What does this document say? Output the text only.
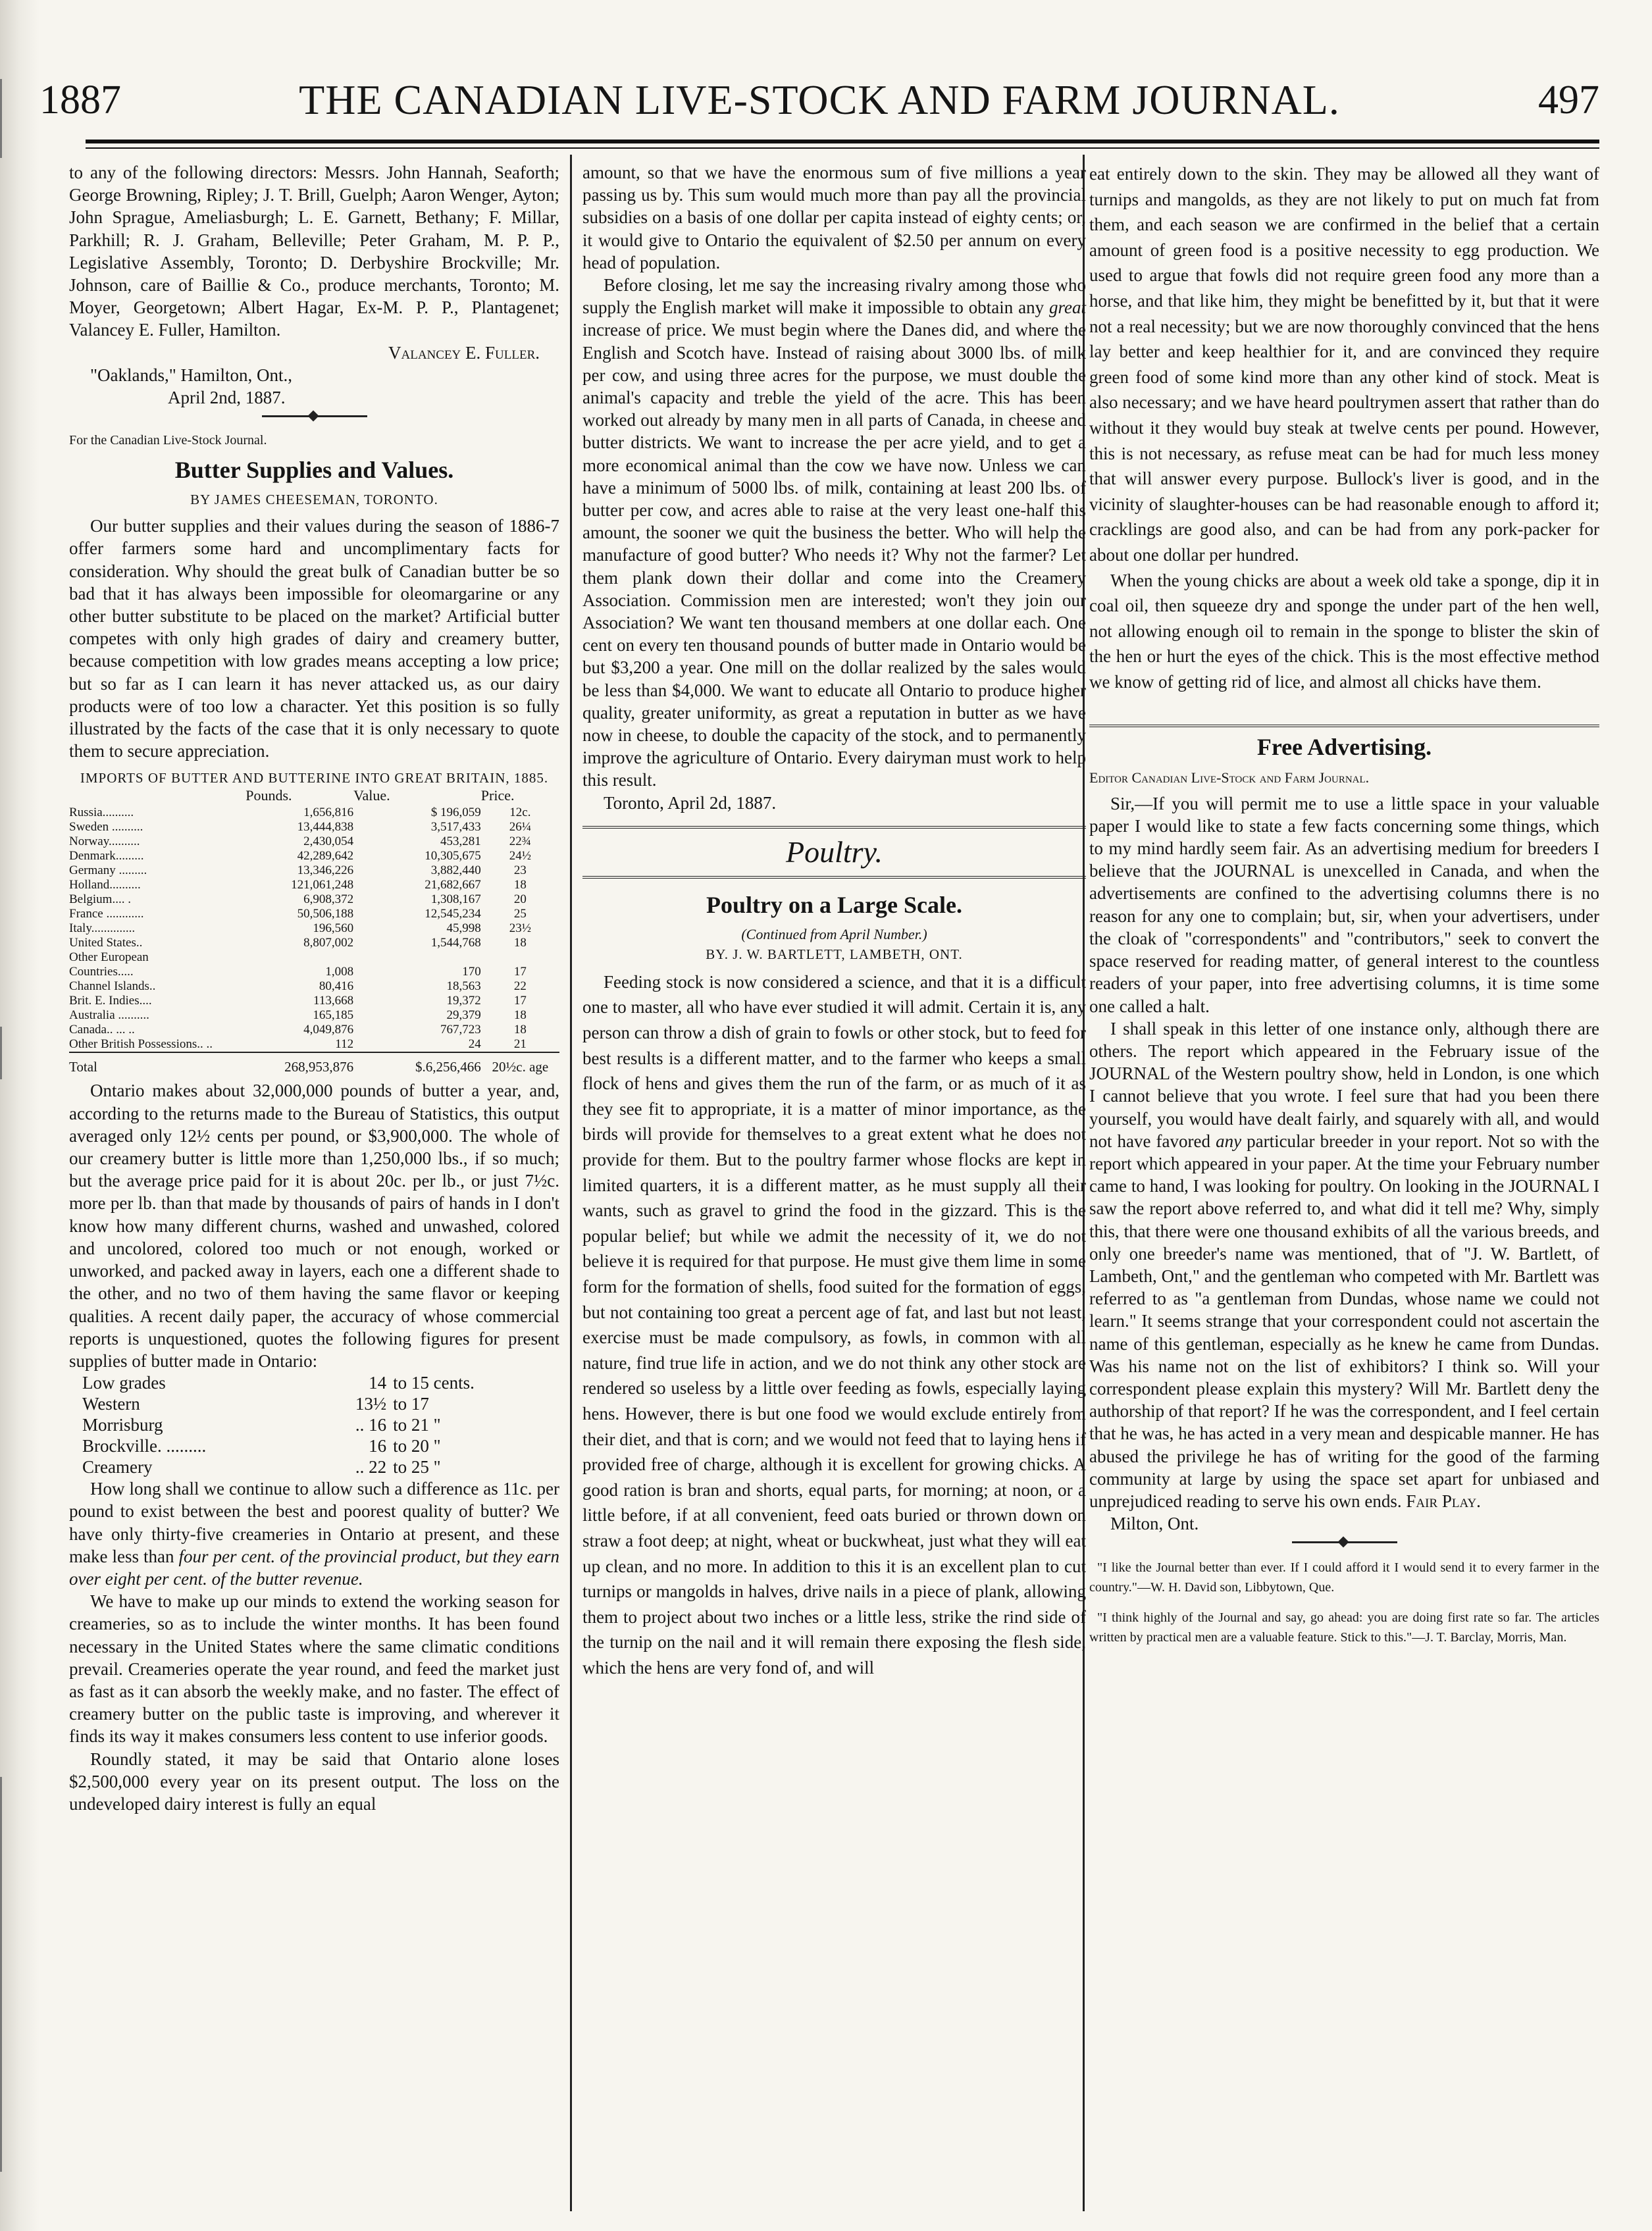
1887	THE CANADIAN LIVE-STOCK AND FARM JOURNAL.	497

to any of the following directors: Messrs. John Hannah, Seaforth; George Browning, Ripley; J. T. Brill, Guelph; Aaron Wenger, Ayton; John Sprague, Ameliasburgh; L. E. Garnett, Bethany; F. Millar, Parkhill; R. J. Graham, Belleville; Peter Graham, M. P. P., Legislative Assembly, Toronto; D. Derbyshire Brockville; Mr. Johnson, care of Baillie & Co., produce merchants, Toronto; M. Moyer, Georgetown; Albert Hagar, Ex-M. P. P., Plantagenet; Valancey E. Fuller, Hamilton.

Valancey E. Fuller.

"Oaklands," Hamilton, Ont.,

April 2nd, 1887.

For the Canadian Live-Stock Journal.

Butter Supplies and Values.
BY JAMES CHEESEMAN, TORONTO.

Our butter supplies and their values during the season of 1886-7 offer farmers some hard and uncomplimentary facts for consideration. Why should the great bulk of Canadian butter be so bad that it has always been impossible for oleomargarine or any other butter substitute to be placed on the market? Artificial butter competes with only high grades of dairy and creamery butter, because competition with low grades means accepting a low price; but so far as I can learn it has never attacked us, as our dairy products were of too low a character. Yet this position is so fully illustrated by the facts of the case that it is only necessary to quote them to secure appreciation.

IMPORTS OF BUTTER AND BUTTERINE INTO GREAT BRITAIN, 1885.
	Pounds.	Value.	Price.
Russia..........	1,656,816	$ 196,059	12c.
Sweden ..........	13,444,838	3,517,433	26¼
Norway..........	2,430,054	453,281	22¾
Denmark.........	42,289,642	10,305,675	24½
Germany .........	13,346,226	3,882,440	23
Holland..........	121,061,248	21,682,667	18
Belgium.... .	6,908,372	1,308,167	20
France ............	50,506,188	12,545,234	25
Italy..............	196,560	45,998	23½
United States..	8,807,002	1,544,768	18
Other European			
Countries.....	1,008	170	17
Channel Islands..	80,416	18,563	22
Brit. E. Indies....	113,668	19,372	17
Australia ..........	165,185	29,379	18
Canada.. ... ..	4,049,876	767,723	18
Other British Possessions.. ..	112	24	21
Total	268,953,876	$.6,256,466	20½c. age

Ontario makes about 32,000,000 pounds of butter a year, and, according to the returns made to the Bureau of Statistics, this output averaged only 12½ cents per pound, or $3,900,000. The whole of our creamery butter is little more than 1,250,000 lbs., if so much; but the average price paid for it is about 20c. per lb., or just 7½c. more per lb. than that made by thousands of pairs of hands in I don't know how many different churns, washed and unwashed, colored and uncolored, colored too much or not enough, worked or unworked, and packed away in layers, each one a different shade to the other, and no two of them having the same flavor or keeping qualities. A recent daily paper, the accuracy of whose commercial reports is unquestioned, quotes the following figures for present supplies of butter made in Ontario:

Low grades	14	to 15 cents.
Western	13½	to 17
Morrisburg	.. 16	to 21 "
Brockville. .........	16	to 20 "
Creamery	.. 22	to 25 "

How long shall we continue to allow such a difference as 11c. per pound to exist between the best and poorest quality of butter? We have only thirty-five creameries in Ontario at present, and these make less than four per cent. of the provincial product, but they earn over eight per cent. of the butter revenue.

We have to make up our minds to extend the working season for creameries, so as to include the winter months. It has been found necessary in the United States where the same climatic conditions prevail. Creameries operate the year round, and feed the market just as fast as it can absorb the weekly make, and no faster. The effect of creamery butter on the public taste is improving, and wherever it finds its way it makes consumers less content to use inferior goods.

Roundly stated, it may be said that Ontario alone loses $2,500,000 every year on its present output. The loss on the undeveloped dairy interest is fully an equal

amount, so that we have the enormous sum of five millions a year passing us by. This sum would much more than pay all the provincial subsidies on a basis of one dollar per capita instead of eighty cents; or, it would give to Ontario the equivalent of $2.50 per annum on every head of population.

Before closing, let me say the increasing rivalry among those who supply the English market will make it impossible to obtain any great increase of price. We must begin where the Danes did, and where the English and Scotch have. Instead of raising about 3000 lbs. of milk per cow, and using three acres for the purpose, we must double the animal's capacity and treble the yield of the acre. This has been worked out already by many men in all parts of Canada, in cheese and butter districts. We want to increase the per acre yield, and to get a more economical animal than the cow we have now. Unless we can have a minimum of 5000 lbs. of milk, containing at least 200 lbs. of butter per cow, and acres able to raise at the very least one-half this amount, the sooner we quit the business the better. Who will help the manufacture of good butter? Who needs it? Why not the farmer? Let them plank down their dollar and come into the Creamery Association. Commission men are interested; won't they join our Association? We want ten thousand members at one dollar each. One cent on every ten thousand pounds of butter made in Ontario would be but $3,200 a year. One mill on the dollar realized by the sales would be less than $4,000. We want to educate all Ontario to produce higher quality, greater uniformity, as great a reputation in butter as we have now in cheese, to double the capacity of the stock, and to permanently improve the agriculture of Ontario. Every dairyman must work to help this result.

Toronto, April 2d, 1887.

Poultry.
Poultry on a Large Scale.
(Continued from April Number.)
BY. J. W. BARTLETT, LAMBETH, ONT.

Feeding stock is now considered a science, and that it is a difficult one to master, all who have ever studied it will admit. Certain it is, any person can throw a dish of grain to fowls or other stock, but to feed for best results is a different matter, and to the farmer who keeps a small flock of hens and gives them the run of the farm, or as much of it as they see fit to appropriate, it is a matter of minor importance, as the birds will provide for themselves to a great extent what he does not provide for them. But to the poultry farmer whose flocks are kept in limited quarters, it is a different matter, as he must supply all their wants, such as gravel to grind the food in the gizzard. This is the popular belief; but while we admit the necessity of it, we do not believe it is required for that purpose. He must give them lime in some form for the formation of shells, food suited for the formation of eggs, but not containing too great a percent age of fat, and last but not least, exercise must be made compulsory, as fowls, in common with all nature, find true life in action, and we do not think any other stock are rendered so useless by a little over feeding as fowls, especially laying hens. However, there is but one food we would exclude entirely from their diet, and that is corn; and we would not feed that to laying hens if provided free of charge, although it is excellent for growing chicks. A good ration is bran and shorts, equal parts, for morning; at noon, or a little before, if at all convenient, feed oats buried or thrown down on straw a foot deep; at night, wheat or buckwheat, just what they will eat up clean, and no more. In addition to this it is an excellent plan to cut turnips or mangolds in halves, drive nails in a piece of plank, allowing them to project about two inches or a little less, strike the rind side of the turnip on the nail and it will remain there exposing the flesh side, which the hens are very fond of, and will

eat entirely down to the skin. They may be allowed all they want of turnips and mangolds, as they are not likely to put on much fat from them, and each season we are confirmed in the belief that a certain amount of green food is a positive necessity to egg production. We used to argue that fowls did not require green food any more than a horse, and that like him, they might be benefitted by it, but that it were not a real necessity; but we are now thoroughly convinced that the hens lay better and keep healthier for it, and are convinced they require green food of some kind more than any other kind of stock. Meat is also necessary; and we have heard poultrymen assert that rather than do without it they would buy steak at twelve cents per pound. However, this is not necessary, as refuse meat can be had for much less money that will answer every purpose. Bullock's liver is good, and in the vicinity of slaughter-houses can be had reasonable enough to afford it; cracklings are good also, and can be had from any pork-packer for about one dollar per hundred.

When the young chicks are about a week old take a sponge, dip it in coal oil, then squeeze dry and sponge the under part of the hen well, not allowing enough oil to remain in the sponge to blister the skin of the hen or hurt the eyes of the chick. This is the most effective method we know of getting rid of lice, and almost all chicks have them.

Free Advertising.

Editor Canadian Live-Stock and Farm Journal.

Sir,—If you will permit me to use a little space in your valuable paper I would like to state a few facts concerning some things, which to my mind hardly seem fair. As an advertising medium for breeders I believe that the JOURNAL is unexcelled in Canada, and when the advertisements are confined to the advertising columns there is no reason for any one to complain; but, sir, when your advertisers, under the cloak of "correspondents" and "contributors," seek to convert the space reserved for reading matter, of general interest to the countless readers of your paper, into free advertising columns, it is time some one called a halt.

I shall speak in this letter of one instance only, although there are others. The report which appeared in the February issue of the JOURNAL of the Western poultry show, held in London, is one which I cannot believe that you wrote. I feel sure that had you been there yourself, you would have dealt fairly, and squarely with all, and would not have favored any particular breeder in your report. Not so with the report which appeared in your paper. At the time your February number came to hand, I was looking for poultry. On looking in the JOURNAL I saw the report above referred to, and what did it tell me? Why, simply this, that there were one thousand exhibits of all the various breeds, and only one breeder's name was mentioned, that of "J. W. Bartlett, of Lambeth, Ont," and the gentleman who competed with Mr. Bartlett was referred to as "a gentleman from Dundas, whose name we could not learn." It seems strange that your correspondent could not ascertain the name of this gentleman, especially as he knew he came from Dundas. Was his name not on the list of exhibitors? I think so. Will your correspondent please explain this mystery? Will Mr. Bartlett deny the authorship of that report? If he was the correspondent, and I feel certain that he was, he has acted in a very mean and despicable manner. He has abused the privilege he has of writing for the good of the farming community at large by using the space set apart for unbiased and unprejudiced reading to serve his own ends. Fair Play.

Milton, Ont.

"I like the Journal better than ever. If I could afford it I would send it to every farmer in the country."—W. H. David son, Libbytown, Que.

"I think highly of the Journal and say, go ahead: you are doing first rate so far. The articles written by practical men are a valuable feature. Stick to this."—J. T. Barclay, Morris, Man.
